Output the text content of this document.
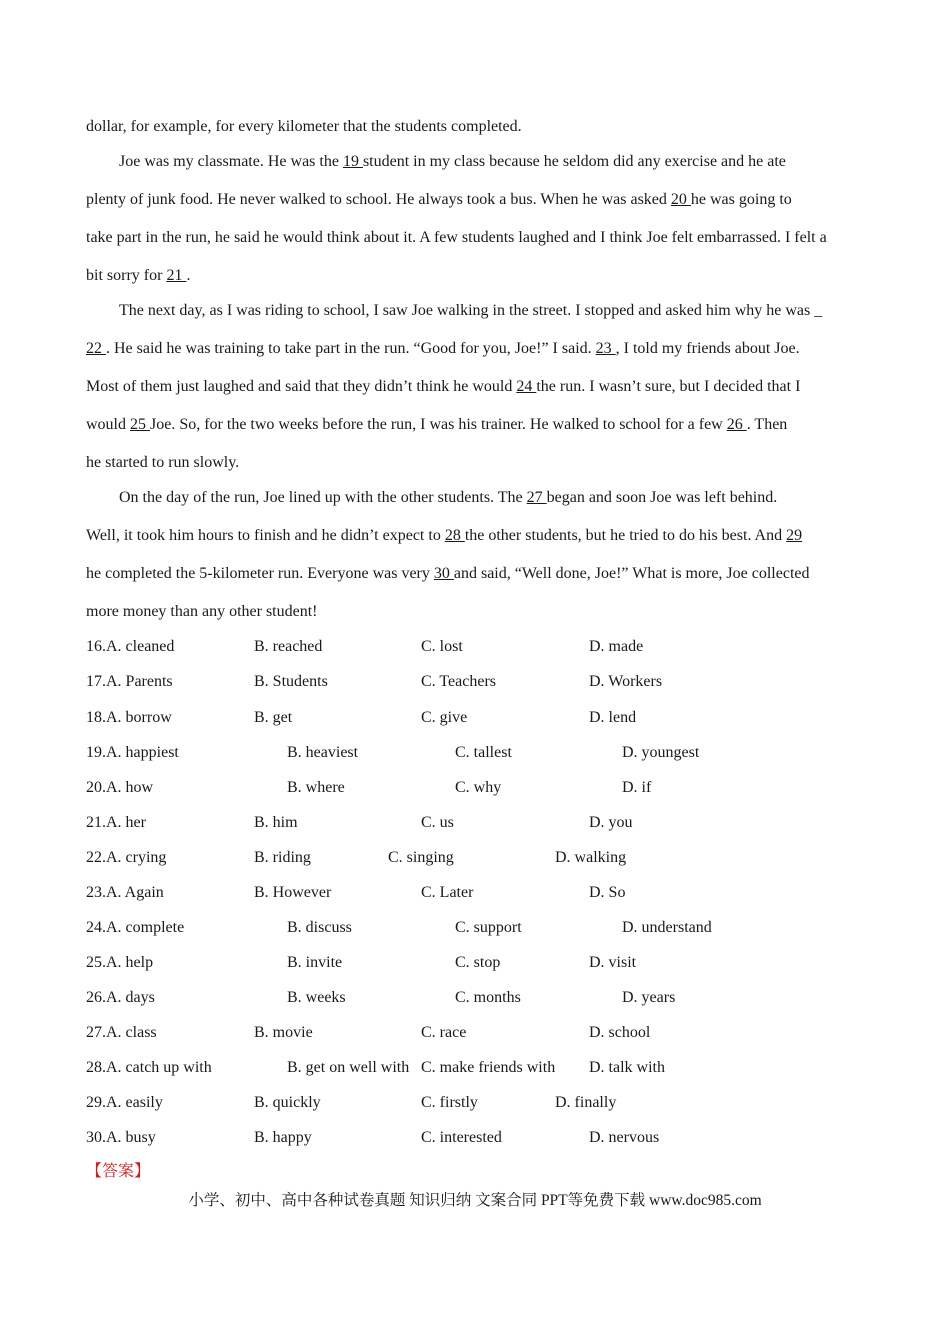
dollar, for example, for every kilometer that the students completed.
Joe was my classmate. He was the 19 student in my class because he seldom did any exercise and he ate
plenty of junk food. He never walked to school. He always took a bus. When he was asked 20 he was going to
take part in the run, he said he would think about it. A few students laughed and I think Joe felt embarrassed. I felt a
bit sorry for 21 .
The next day, as I was riding to school, I saw Joe walking in the street. I stopped and asked him why he was _
22 . He said he was training to take part in the run. “Good for you, Joe!” I said. 23 , I told my friends about Joe.
Most of them just laughed and said that they didn’t think he would 24 the run. I wasn’t sure, but I decided that I
would 25 Joe. So, for the two weeks before the run, I was his trainer. He walked to school for a few 26 . Then
he started to run slowly.
On the day of the run, Joe lined up with the other students. The 27 began and soon Joe was left behind.
Well, it took him hours to finish and he didn’t expect to 28 the other students, but he tried to do his best. And 29
he completed the 5-kilometer run. Everyone was very 30 and said, “Well done, Joe!” What is more, Joe collected
more money than any other student!
16.A. cleaned	B. reached	C. lost	D. made
17.A. Parents	B. Students	C. Teachers	D. Workers
18.A. borrow	B. get	C. give	D. lend
19.A. happiest	B. heaviest	C. tallest	D. youngest
20.A. how	B. where	C. why	D. if
21.A. her	B. him	C. us	D. you
22.A. crying	B. riding	C. singing	D. walking
23.A. Again	B. However	C. Later	D. So
24.A. complete	B. discuss	C. support	D. understand
25.A. help	B. invite	C. stop	D. visit
26.A. days	B. weeks	C. months	D. years
27.A. class	B. movie	C. race	D. school
28.A. catch up with	B. get on well with C. make friends with D. talk with
29.A. easily	B. quickly	C. firstly	D. finally
30.A. busy	B. happy	C. interested	D. nervous
【答案】
小学、初中、高中各种试卷真题 知识归纳 文案合同 PPT等免费下载 www.doc985.com
